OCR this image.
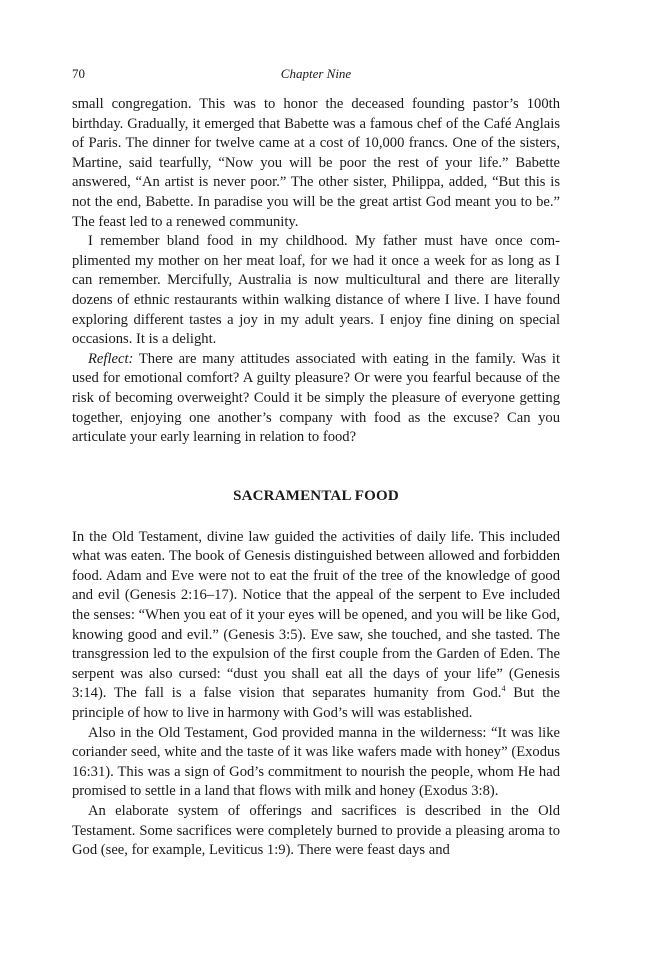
70	Chapter Nine

small congregation. This was to honor the deceased founding pastor’s 100th birthday. Gradually, it emerged that Babette was a famous chef of the Café Anglais of Paris. The dinner for twelve came at a cost of 10,000 francs. One of the sisters, Martine, said tearfully, “Now you will be poor the rest of your life.” Babette answered, “An artist is never poor.” The other sister, Philippa, added, “But this is not the end, Babette. In paradise you will be the great artist God meant you to be.” The feast led to a renewed community.

I remember bland food in my childhood. My father must have once complimented my mother on her meat loaf, for we had it once a week for as long as I can remember. Mercifully, Australia is now multicultural and there are literally dozens of ethnic restaurants within walking distance of where I live. I have found exploring different tastes a joy in my adult years. I enjoy fine dining on special occasions. It is a delight.

Reflect: There are many attitudes associated with eating in the family. Was it used for emotional comfort? A guilty pleasure? Or were you fearful because of the risk of becoming overweight? Could it be simply the pleasure of everyone getting together, enjoying one another’s company with food as the excuse? Can you articulate your early learning in relation to food?

SACRAMENTAL FOOD

In the Old Testament, divine law guided the activities of daily life. This included what was eaten. The book of Genesis distinguished between allowed and forbidden food. Adam and Eve were not to eat the fruit of the tree of the knowledge of good and evil (Genesis 2:16–17). Notice that the appeal of the serpent to Eve included the senses: “When you eat of it your eyes will be opened, and you will be like God, knowing good and evil.” (Genesis 3:5). Eve saw, she touched, and she tasted. The transgression led to the expulsion of the first couple from the Garden of Eden. The serpent was also cursed: “dust you shall eat all the days of your life” (Genesis 3:14). The fall is a false vision that separates humanity from God.$^4$ But the principle of how to live in harmony with God’s will was established.

Also in the Old Testament, God provided manna in the wilderness: “It was like coriander seed, white and the taste of it was like wafers made with honey” (Exodus 16:31). This was a sign of God’s commitment to nourish the people, whom He had promised to settle in a land that flows with milk and honey (Exodus 3:8).

An elaborate system of offerings and sacrifices is described in the Old Testament. Some sacrifices were completely burned to provide a pleasing aroma to God (see, for example, Leviticus 1:9). There were feast days and
